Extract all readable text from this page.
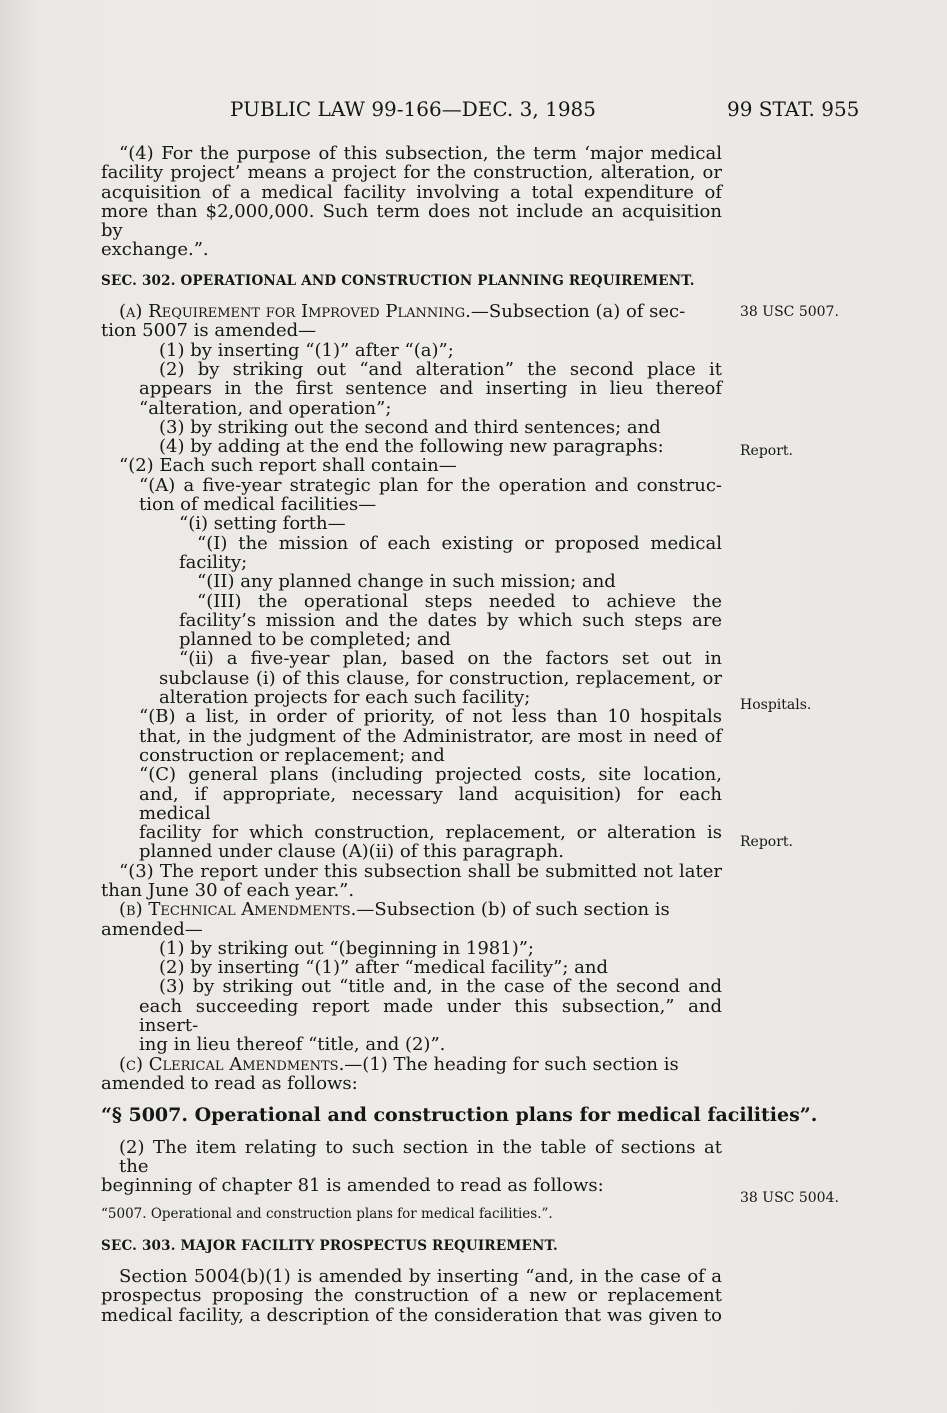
PUBLIC LAW 99-166—DEC. 3, 1985	99 STAT. 955
“(4) For the purpose of this subsection, the term ‘major medical
facility project’ means a project for the construction, alteration, or
acquisition of a medical facility involving a total expenditure of
more than $2,000,000. Such term does not include an acquisition by
exchange.”.
SEC. 302. OPERATIONAL AND CONSTRUCTION PLANNING REQUIREMENT.
(a) Requirement for Improved Planning.—Subsection (a) of sec-
tion 5007 is amended—
(1) by inserting “(1)” after “(a)”;
(2) by striking out “and alteration” the second place it
appears in the first sentence and inserting in lieu thereof
“alteration, and operation”;
(3) by striking out the second and third sentences; and
(4) by adding at the end the following new paragraphs:
“(2) Each such report shall contain—
“(A) a five-year strategic plan for the operation and construc-
tion of medical facilities—
“(i) setting forth—
“(I) the mission of each existing or proposed medical
facility;
“(II) any planned change in such mission; and
“(III) the operational steps needed to achieve the
facility’s mission and the dates by which such steps are
planned to be completed; and
“(ii) a five-year plan, based on the factors set out in
subclause (i) of this clause, for construction, replacement, or
alteration projects for each such facility;
“(B) a list, in order of priority, of not less than 10 hospitals
that, in the judgment of the Administrator, are most in need of
construction or replacement; and
“(C) general plans (including projected costs, site location,
and, if appropriate, necessary land acquisition) for each medical
facility for which construction, replacement, or alteration is
planned under clause (A)(ii) of this paragraph.
“(3) The report under this subsection shall be submitted not later
than June 30 of each year.”.
(b) Technical Amendments.—Subsection (b) of such section is
amended—
(1) by striking out “(beginning in 1981)”;
(2) by inserting “(1)” after “medical facility”; and
(3) by striking out “title and, in the case of the second and
each succeeding report made under this subsection,” and insert-
ing in lieu thereof “title, and (2)”.
(c) Clerical Amendments.—(1) The heading for such section is
amended to read as follows:
“§ 5007. Operational and construction plans for medical facilities”.
(2) The item relating to such section in the table of sections at the
beginning of chapter 81 is amended to read as follows:
“5007. Operational and construction plans for medical facilities.”.
SEC. 303. MAJOR FACILITY PROSPECTUS REQUIREMENT.
Section 5004(b)(1) is amended by inserting “and, in the case of a
prospectus proposing the construction of a new or replacement
medical facility, a description of the consideration that was given to
38 USC 5007.
Report.
Hospitals.
Report.
38 USC 5004.
